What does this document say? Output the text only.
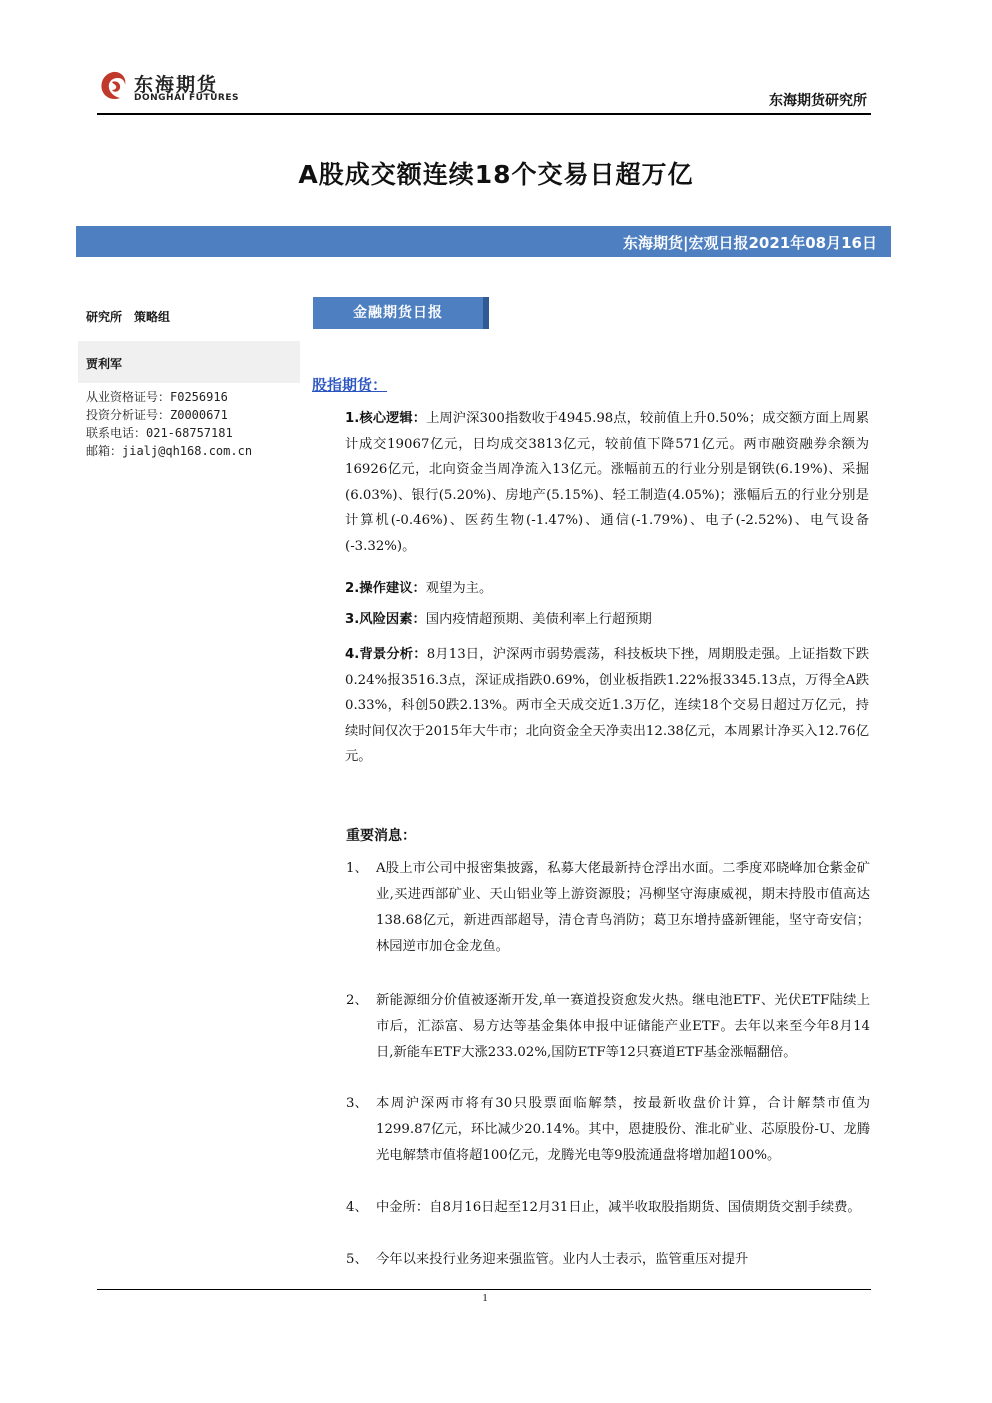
东海期货
DONGHAI FUTURES	东海期货研究所
A股成交额连续18个交易日超万亿
东海期货|宏观日报2021年08月16日
研究所 策略组
贾利军
从业资格证号：F0256916
投资分析证号：Z0000671
联系电话：021-68757181
邮箱：jialj@qh168.com.cn
金融期货日报
股指期货：
1.核心逻辑：上周沪深300指数收于4945.98点，较前值上升0.50%；成交额方面上周累计成交19067亿元，日均成交3813亿元，较前值下降571亿元。两市融资融券余额为16926亿元，北向资金当周净流入13亿元。涨幅前五的行业分别是钢铁(6.19%)、采掘(6.03%)、银行(5.20%)、房地产(5.15%)、轻工制造(4.05%)；涨幅后五的行业分别是计算机(-0.46%)、医药生物(-1.47%)、通信(-1.79%)、电子(-2.52%)、电气设备(-3.32%)。
2.操作建议：观望为主。
3.风险因素：国内疫情超预期、美债利率上行超预期
4.背景分析：8月13日，沪深两市弱势震荡，科技板块下挫，周期股走强。上证指数下跌0.24%报3516.3点，深证成指跌0.69%，创业板指跌1.22%报3345.13点，万得全A跌0.33%，科创50跌2.13%。两市全天成交近1.3万亿，连续18个交易日超过万亿元，持续时间仅次于2015年大牛市；北向资金全天净卖出12.38亿元，本周累计净买入12.76亿元。
重要消息：
1、 A股上市公司中报密集披露，私募大佬最新持仓浮出水面。二季度邓晓峰加仓紫金矿业,买进西部矿业、天山铝业等上游资源股；冯柳坚守海康威视，期末持股市值高达138.68亿元，新进西部超导，清仓青鸟消防；葛卫东增持盛新锂能，坚守奇安信；林园逆市加仓金龙鱼。
2、 新能源细分价值被逐渐开发,单一赛道投资愈发火热。继电池ETF、光伏ETF陆续上市后，汇添富、易方达等基金集体申报中证储能产业ETF。去年以来至今年8月14日,新能车ETF大涨233.02%,国防ETF等12只赛道ETF基金涨幅翻倍。
3、 本周沪深两市将有30只股票面临解禁，按最新收盘价计算，合计解禁市值为1299.87亿元，环比减少20.14%。其中，恩捷股份、淮北矿业、芯原股份-U、龙腾光电解禁市值将超100亿元，龙腾光电等9股流通盘将增加超100%。
4、 中金所：自8月16日起至12月31日止，减半收取股指期货、国债期货交割手续费。
5、 今年以来投行业务迎来强监管。业内人士表示，监管重压对提升
1
